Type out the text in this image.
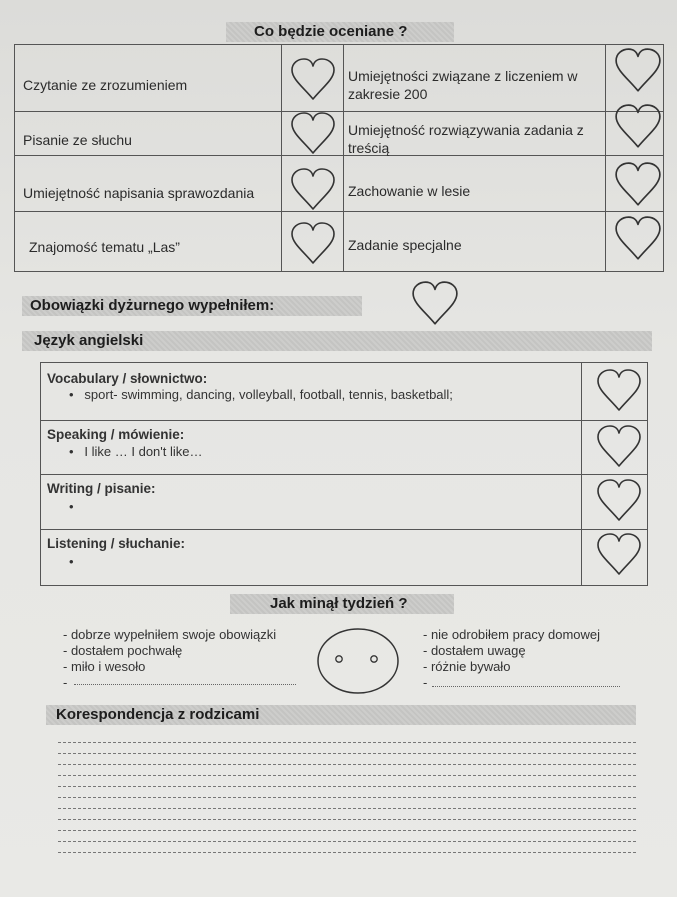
Co będzie oceniane ?
Czytanie ze zrozumieniem
Pisanie ze słuchu
Umiejętność napisania sprawozdania
Znajomość tematu „Las”
Umiejętności związane z liczeniem w zakresie 200
Umiejętność rozwiązywania zadania z treścią
Zachowanie w lesie
Zadanie specjalne
Obowiązki dyżurnego wypełniłem:
Język angielski
Vocabulary / słownictwo:
• sport- swimming, dancing, volleyball, football, tennis, basketball;
Speaking / mówienie:
• I like … I don't like…
Writing / pisanie:
•
Listening / słuchanie:
•
Jak minął tydzień ?
- dobrze wypełniłem swoje obowiązki
- dostałem pochwałę
- miło i wesoło
-
- nie odrobiłem pracy domowej
- dostałem uwagę
- różnie bywało
-
Korespondencja z rodzicami
